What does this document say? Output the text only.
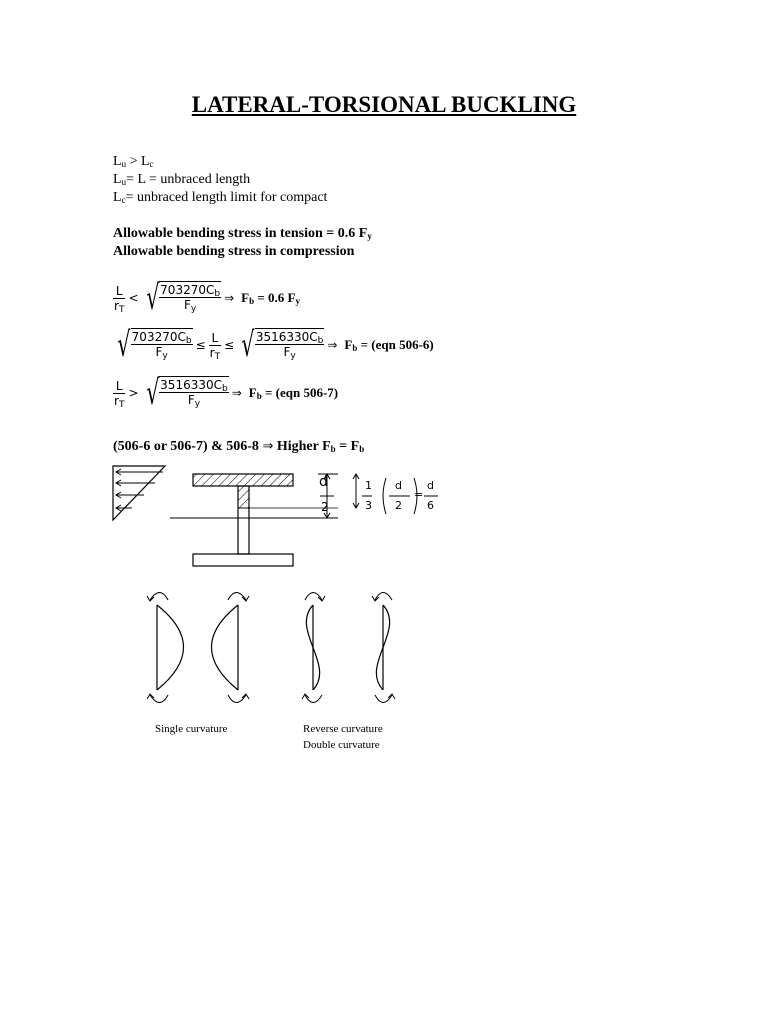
LATERAL-TORSIONAL BUCKLING
$L_u > L_c$
$L_u= L$ = unbraced length
$L_c=$ unbraced length limit for compact
Allowable bending stress in tension = 0.6 $F_y$
Allowable bending stress in compression
$\frac{L}{r_T}$ < √ $\frac{703270C_b}{F_y}$ ⇒ $F_b = 0.6$ $F_y$
√ $\frac{703270C_b}{F_y} \le \frac{L}{r_T}$ ≤ √ $\frac{3516330C_b}{F_y}$ ⇒ $F_b = (eqn$ 506-6)
$\frac{L}{r_T}$ > √ $\frac{3516330C_b}{F_y}$ ⇒ $F_b = (eqn$ 506-7)
(506-6 or 506-7) & 506-8 ⇒ Higher $F_b = F_b$
d
2
1
3
d
2
=
d
6
Single curvature	Reverse curvature
Double curvature
